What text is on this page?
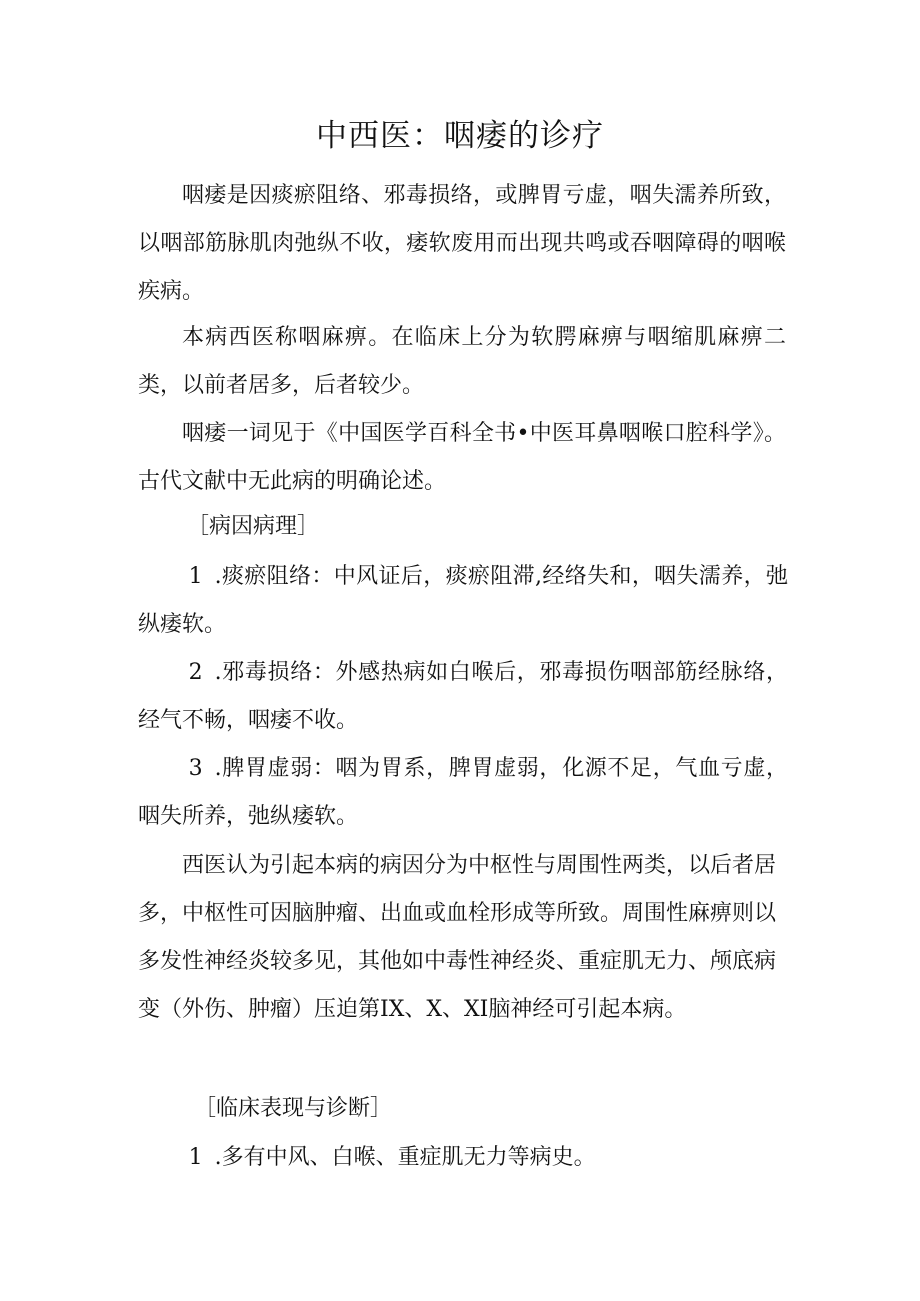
中西医：咽痿的诊疗

咽痿是因痰瘀阻络、邪毒损络，或脾胃亏虚，咽失濡养所致，以咽部筋脉肌肉弛纵不收，痿软废用而出现共鸣或吞咽障碍的咽喉疾病。

本病西医称咽麻痹。在临床上分为软腭麻痹与咽缩肌麻痹二类，以前者居多，后者较少。

咽痿一词见于《中国医学百科全书•中医耳鼻咽喉口腔科学》。古代文献中无此病的明确论述。

［病因病理］

1 .痰瘀阻络：中风证后，痰瘀阻滞,经络失和，咽失濡养，弛纵痿软。

2 .邪毒损络：外感热病如白喉后，邪毒损伤咽部筋经脉络，经气不畅，咽痿不收。

3 .脾胃虚弱：咽为胃系，脾胃虚弱，化源不足，气血亏虚，咽失所养，弛纵痿软。

西医认为引起本病的病因分为中枢性与周围性两类，以后者居多，中枢性可因脑肿瘤、出血或血栓形成等所致。周围性麻痹则以多发性神经炎较多见，其他如中毒性神经炎、重症肌无力、颅底病变（外伤、肿瘤）压迫第IX、X、XI脑神经可引起本病。

［临床表现与诊断］

1 .多有中风、白喉、重症肌无力等病史。
